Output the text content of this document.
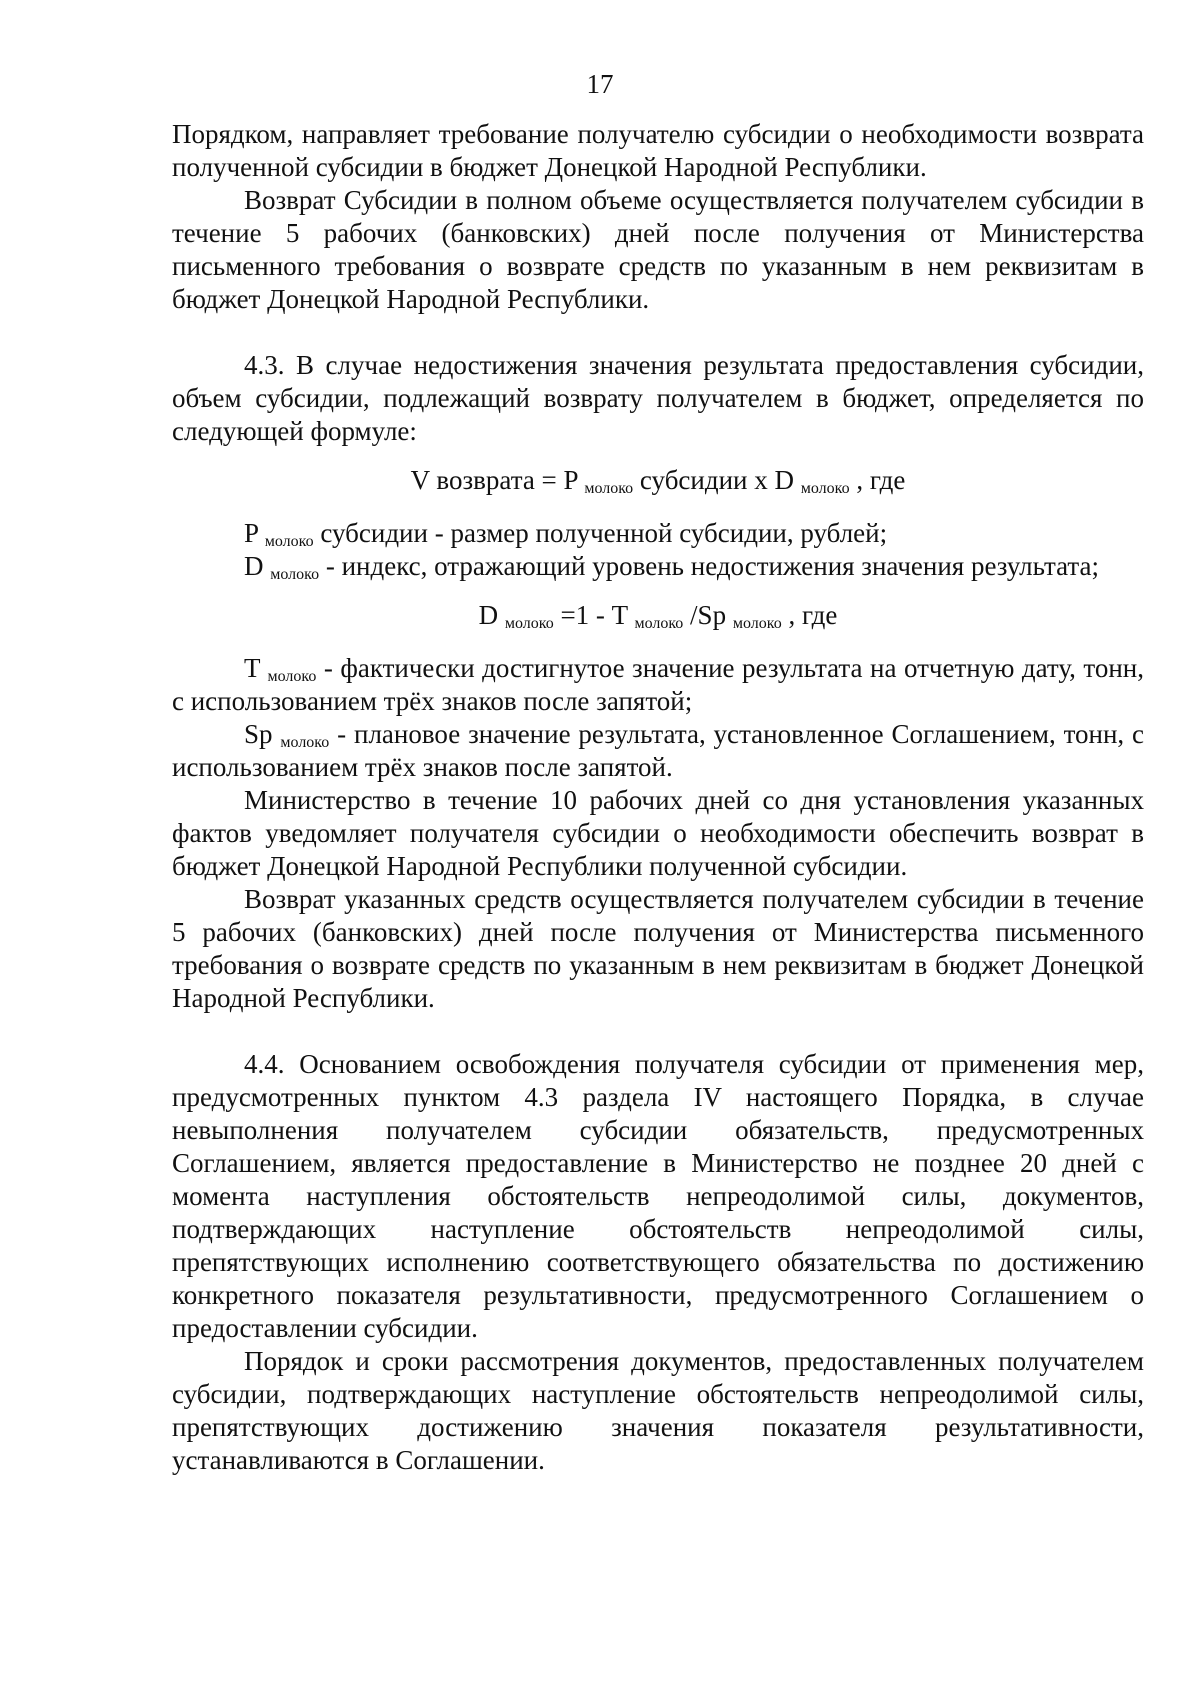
17

Порядком, направляет требование получателю субсидии о необходимости возврата полученной субсидии в бюджет Донецкой Народной Республики.

Возврат Субсидии в полном объеме осуществляется получателем субсидии в течение 5 рабочих (банковских) дней после получения от Министерства письменного требования о возврате средств по указанным в нем реквизитам в бюджет Донецкой Народной Республики.

4.3. В случае недостижения значения результата предоставления субсидии, объем субсидии, подлежащий возврату получателем в бюджет, определяется по следующей формуле:

V возврата = P $_{молоко}$ субсидии x D $_{молоко}$ , где

P $_{молоко}$ субсидии - размер полученной субсидии, рублей;

D $_{молоко}$ - индекс, отражающий уровень недостижения значения результата;

D $_{молоко}$ =1 - T $_{молоко}$ /Sp $_{молоко}$ , где

T $_{молоко}$ - фактически достигнутое значение результата на отчетную дату, тонн, с использованием трёх знаков после запятой;

Sp $_{молоко}$ - плановое значение результата, установленное Соглашением, тонн, с использованием трёх знаков после запятой.

Министерство в течение 10 рабочих дней со дня установления указанных фактов уведомляет получателя субсидии о необходимости обеспечить возврат в бюджет Донецкой Народной Республики полученной субсидии.

Возврат указанных средств осуществляется получателем субсидии в течение 5 рабочих (банковских) дней после получения от Министерства письменного требования о возврате средств по указанным в нем реквизитам в бюджет Донецкой Народной Республики.

4.4. Основанием освобождения получателя субсидии от применения мер, предусмотренных пунктом 4.3 раздела IV настоящего Порядка, в случае невыполнения получателем субсидии обязательств, предусмотренных Соглашением, является предоставление в Министерство не позднее 20 дней с момента наступления обстоятельств непреодолимой силы, документов, подтверждающих наступление обстоятельств непреодолимой силы, препятствующих исполнению соответствующего обязательства по достижению конкретного показателя результативности, предусмотренного Соглашением о предоставлении субсидии.

Порядок и сроки рассмотрения документов, предоставленных получателем субсидии, подтверждающих наступление обстоятельств непреодолимой силы, препятствующих достижению значения показателя результативности, устанавливаются в Соглашении.
